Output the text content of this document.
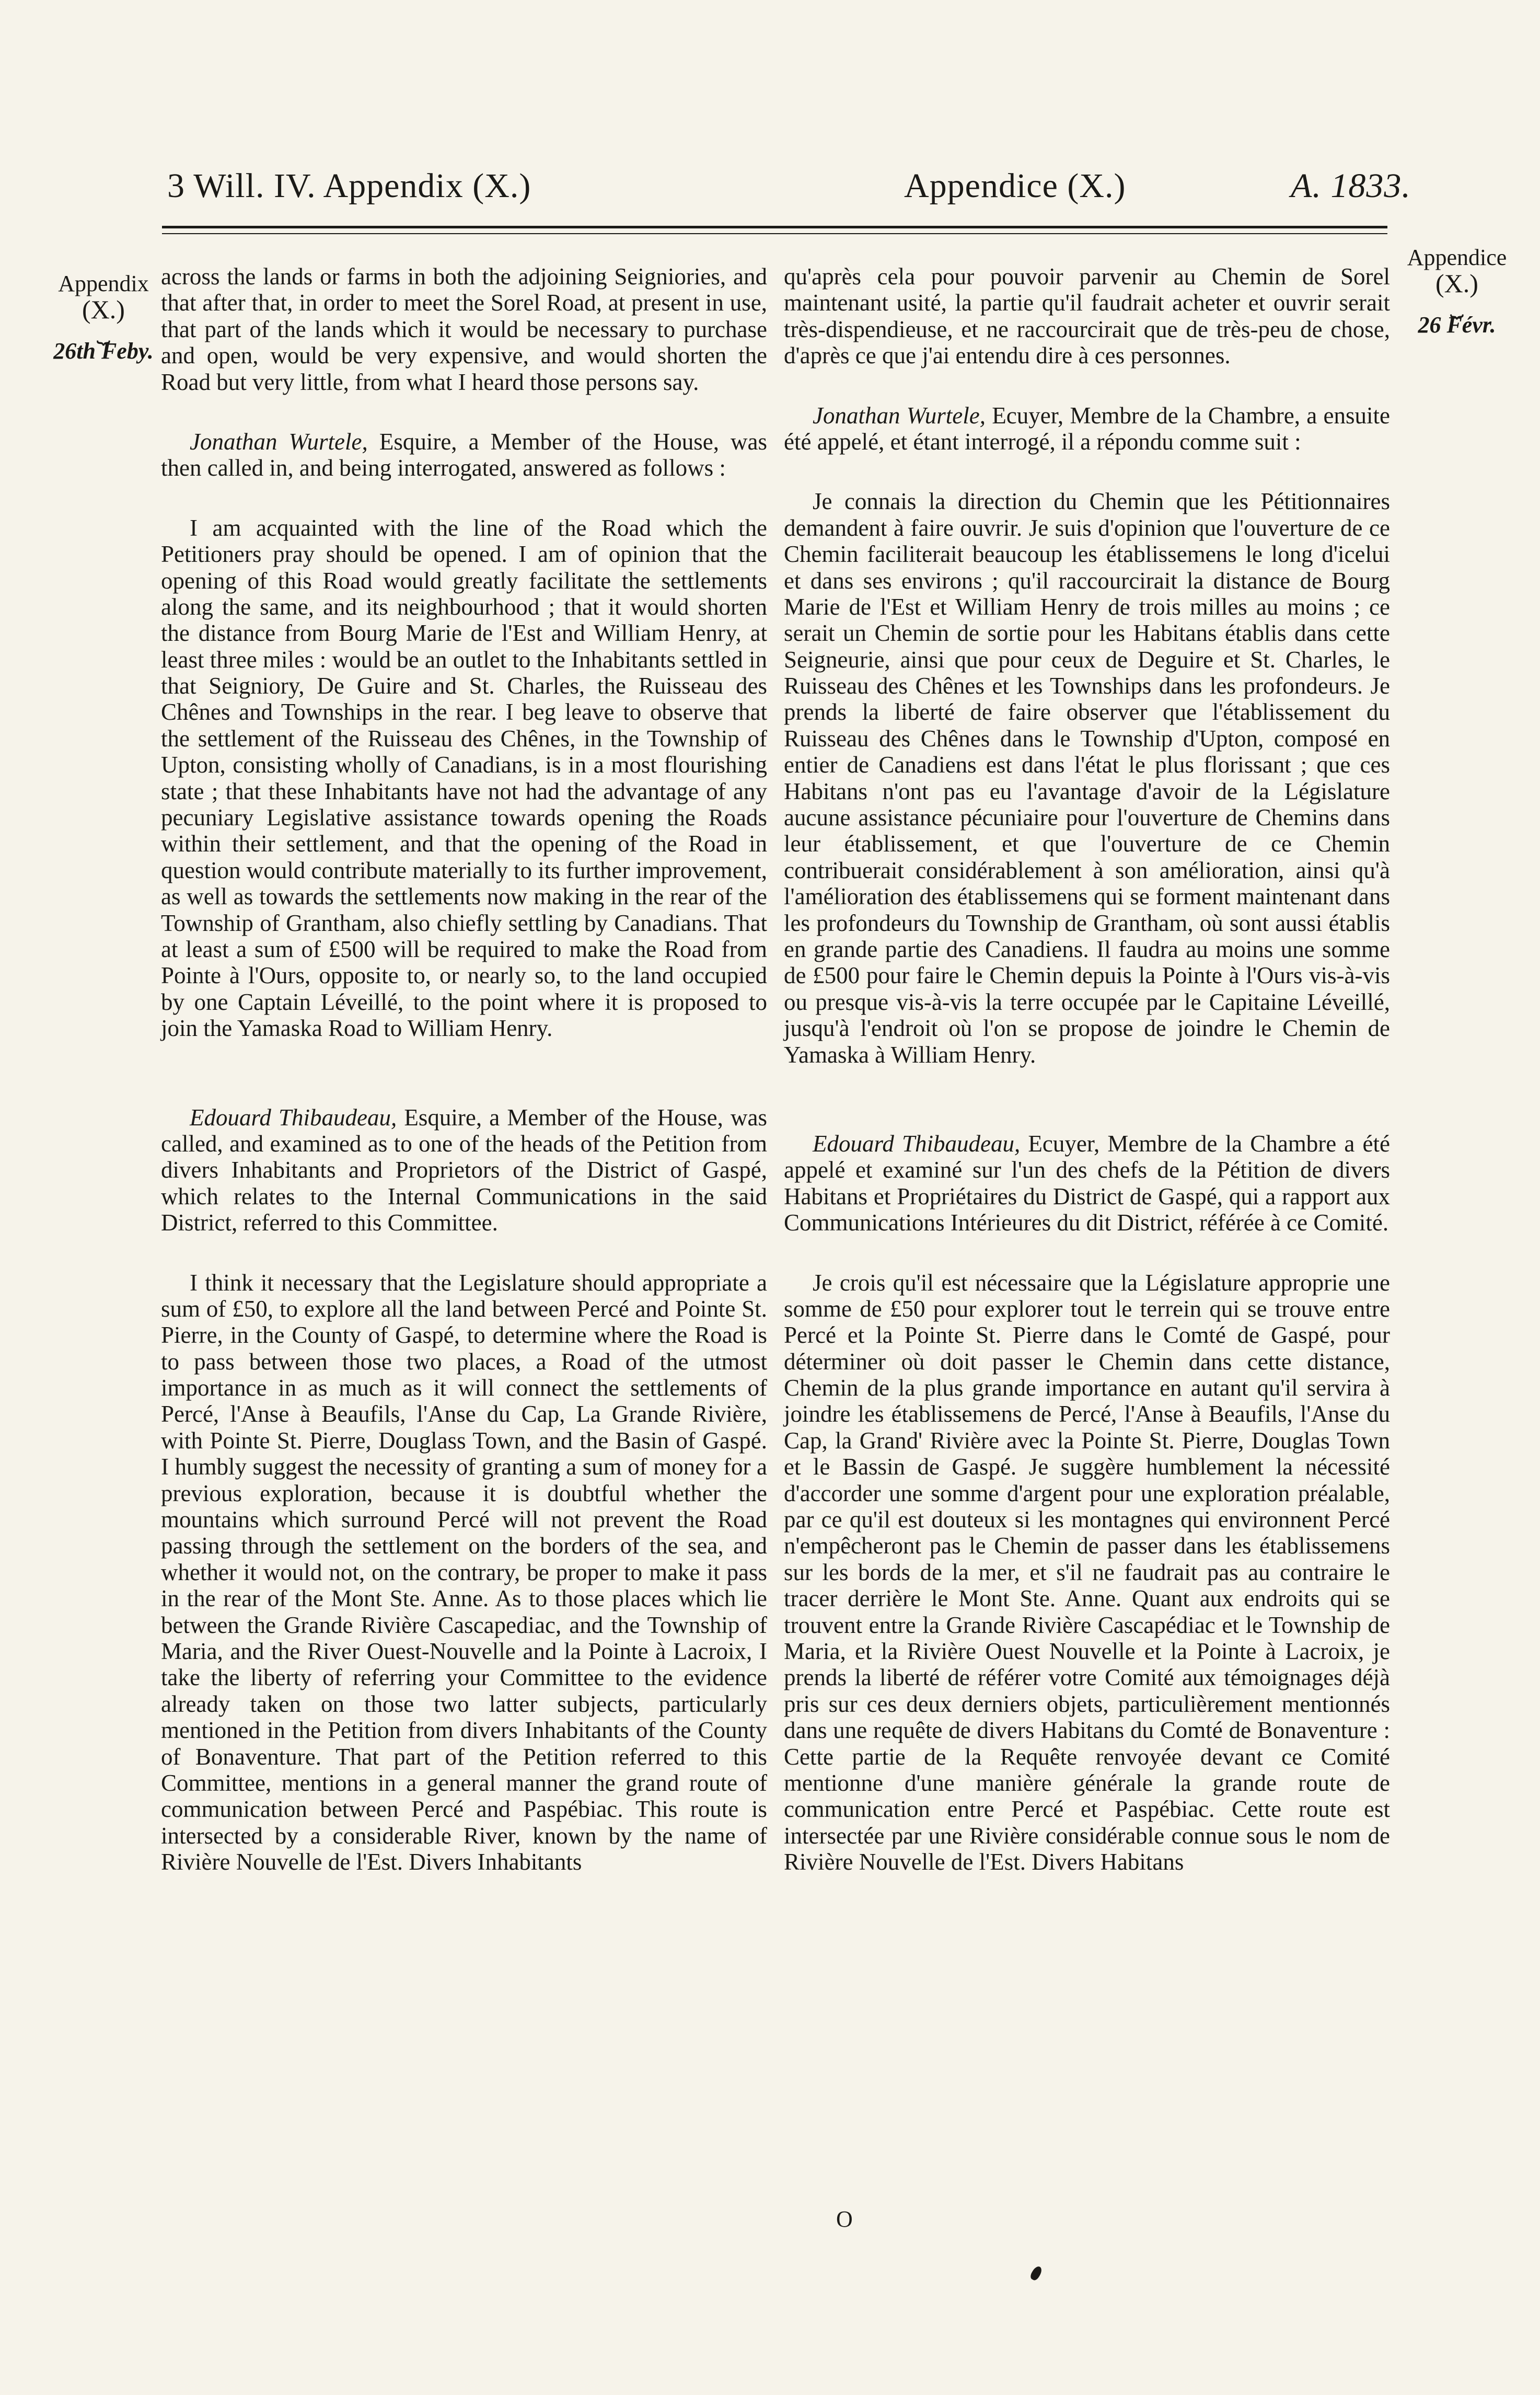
3 Will. IV. Appendix (X.)	Appendice (X.)	A. 1833.
Appendix
(X.)
⏟
26th Feby.
Appendice
(X.)
⏟
26 Févr.

across the lands or farms in both the adjoining Seigniories, and that after that, in order to meet the Sorel Road, at present in use, that part of the lands which it would be necessary to purchase and open, would be very expensive, and would shorten the Road but very little, from what I heard those persons say.

Jonathan Wurtele, Esquire, a Member of the House, was then called in, and being interrogated, answered as follows :

I am acquainted with the line of the Road which the Petitioners pray should be opened. I am of opinion that the opening of this Road would greatly facilitate the settlements along the same, and its neighbourhood ; that it would shorten the distance from Bourg Marie de l'Est and William Henry, at least three miles : would be an outlet to the Inhabitants settled in that Seigniory, De Guire and St. Charles, the Ruisseau des Chênes and Townships in the rear. I beg leave to observe that the settlement of the Ruisseau des Chênes, in the Township of Upton, consisting wholly of Canadians, is in a most flourishing state ; that these Inhabitants have not had the advantage of any pecuniary Legislative assistance towards opening the Roads within their settlement, and that the opening of the Road in question would contribute materially to its further improvement, as well as towards the settlements now making in the rear of the Township of Grantham, also chiefly settling by Canadians. That at least a sum of £500 will be required to make the Road from Pointe à l'Ours, opposite to, or nearly so, to the land occupied by one Captain Léveillé, to the point where it is proposed to join the Yamaska Road to William Henry.

Edouard Thibaudeau, Esquire, a Member of the House, was called, and examined as to one of the heads of the Petition from divers Inhabitants and Proprietors of the District of Gaspé, which relates to the Internal Communications in the said District, referred to this Committee.

I think it necessary that the Legislature should appropriate a sum of £50, to explore all the land between Percé and Pointe St. Pierre, in the County of Gaspé, to determine where the Road is to pass between those two places, a Road of the utmost importance in as much as it will connect the settlements of Percé, l'Anse à Beaufils, l'Anse du Cap, La Grande Rivière, with Pointe St. Pierre, Douglass Town, and the Basin of Gaspé. I humbly suggest the necessity of granting a sum of money for a previous exploration, because it is doubtful whether the mountains which surround Percé will not prevent the Road passing through the settlement on the borders of the sea, and whether it would not, on the contrary, be proper to make it pass in the rear of the Mont Ste. Anne. As to those places which lie between the Grande Rivière Cascapediac, and the Township of Maria, and the River Ouest-Nouvelle and la Pointe à Lacroix, I take the liberty of referring your Committee to the evidence already taken on those two latter subjects, particularly mentioned in the Petition from divers Inhabitants of the County of Bonaventure. That part of the Petition referred to this Committee, mentions in a general manner the grand route of communication between Percé and Paspébiac. This route is intersected by a considerable River, known by the name of Rivière Nouvelle de l'Est. Divers Inhabitants

qu'après cela pour pouvoir parvenir au Chemin de Sorel maintenant usité, la partie qu'il faudrait acheter et ouvrir serait très-dispendieuse, et ne raccourcirait que de très-peu de chose, d'après ce que j'ai entendu dire à ces personnes.

Jonathan Wurtele, Ecuyer, Membre de la Chambre, a ensuite été appelé, et étant interrogé, il a répondu comme suit :

Je connais la direction du Chemin que les Pétitionnaires demandent à faire ouvrir. Je suis d'opinion que l'ouverture de ce Chemin faciliterait beaucoup les établissemens le long d'icelui et dans ses environs ; qu'il raccourcirait la distance de Bourg Marie de l'Est et William Henry de trois milles au moins ; ce serait un Chemin de sortie pour les Habitans établis dans cette Seigneurie, ainsi que pour ceux de Deguire et St. Charles, le Ruisseau des Chênes et les Townships dans les profondeurs. Je prends la liberté de faire observer que l'établissement du Ruisseau des Chênes dans le Township d'Upton, composé en entier de Canadiens est dans l'état le plus florissant ; que ces Habitans n'ont pas eu l'avantage d'avoir de la Législature aucune assistance pécuniaire pour l'ouverture de Chemins dans leur établissement, et que l'ouverture de ce Chemin contribuerait considérablement à son amélioration, ainsi qu'à l'amélioration des établissemens qui se forment maintenant dans les profondeurs du Township de Grantham, où sont aussi établis en grande partie des Canadiens. Il faudra au moins une somme de £500 pour faire le Chemin depuis la Pointe à l'Ours vis-à-vis ou presque vis-à-vis la terre occupée par le Capitaine Léveillé, jusqu'à l'endroit où l'on se propose de joindre le Chemin de Yamaska à William Henry.

Edouard Thibaudeau, Ecuyer, Membre de la Chambre a été appelé et examiné sur l'un des chefs de la Pétition de divers Habitans et Propriétaires du District de Gaspé, qui a rapport aux Communications Intérieures du dit District, référée à ce Comité.

Je crois qu'il est nécessaire que la Législature approprie une somme de £50 pour explorer tout le terrein qui se trouve entre Percé et la Pointe St. Pierre dans le Comté de Gaspé, pour déterminer où doit passer le Chemin dans cette distance, Chemin de la plus grande importance en autant qu'il servira à joindre les établissemens de Percé, l'Anse à Beaufils, l'Anse du Cap, la Grand' Rivière avec la Pointe St. Pierre, Douglas Town et le Bassin de Gaspé. Je suggère humblement la nécessité d'accorder une somme d'argent pour une exploration préalable, par ce qu'il est douteux si les montagnes qui environnent Percé n'empêcheront pas le Chemin de passer dans les établissemens sur les bords de la mer, et s'il ne faudrait pas au contraire le tracer derrière le Mont Ste. Anne. Quant aux endroits qui se trouvent entre la Grande Rivière Cascapédiac et le Township de Maria, et la Rivière Ouest Nouvelle et la Pointe à Lacroix, je prends la liberté de référer votre Comité aux témoignages déjà pris sur ces deux derniers objets, particulièrement mentionnés dans une requête de divers Habitans du Comté de Bonaventure : Cette partie de la Requête renvoyée devant ce Comité mentionne d'une manière générale la grande route de communication entre Percé et Paspébiac. Cette route est intersectée par une Rivière considérable connue sous le nom de Rivière Nouvelle de l'Est. Divers Habitans

O
